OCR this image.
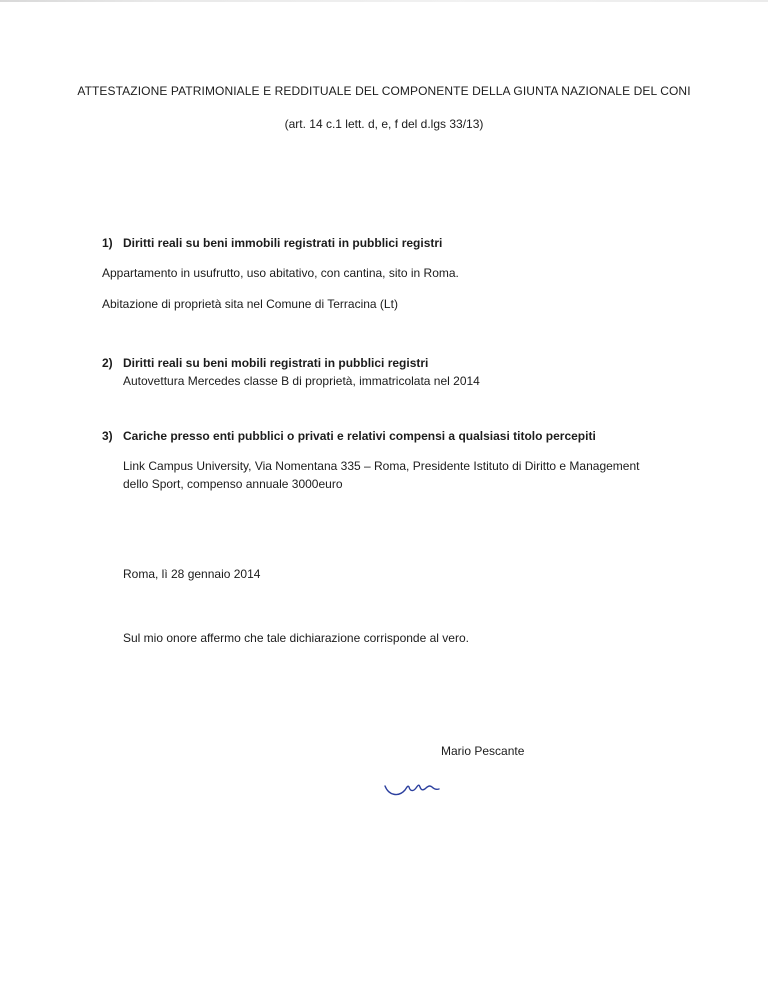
ATTESTAZIONE PATRIMONIALE E REDDITUALE DEL COMPONENTE DELLA GIUNTA NAZIONALE DEL CONI
(art. 14 c.1 lett. d, e, f del d.lgs 33/13)
1) Diritti reali su beni immobili registrati in pubblici registri
Appartamento in usufrutto, uso abitativo, con cantina, sito in Roma.
Abitazione di proprietà sita nel Comune di Terracina (Lt)
2) Diritti reali su beni mobili registrati in pubblici registri
Autovettura Mercedes classe B di proprietà, immatricolata nel 2014
3) Cariche presso enti pubblici o privati e relativi compensi a qualsiasi titolo percepiti
Link Campus University, Via Nomentana 335 – Roma, Presidente Istituto di Diritto e Management
dello Sport, compenso annuale 3000euro
Roma, lì 28 gennaio 2014
Sul mio onore affermo che tale dichiarazione corrisponde al vero.
Mario Pescante
